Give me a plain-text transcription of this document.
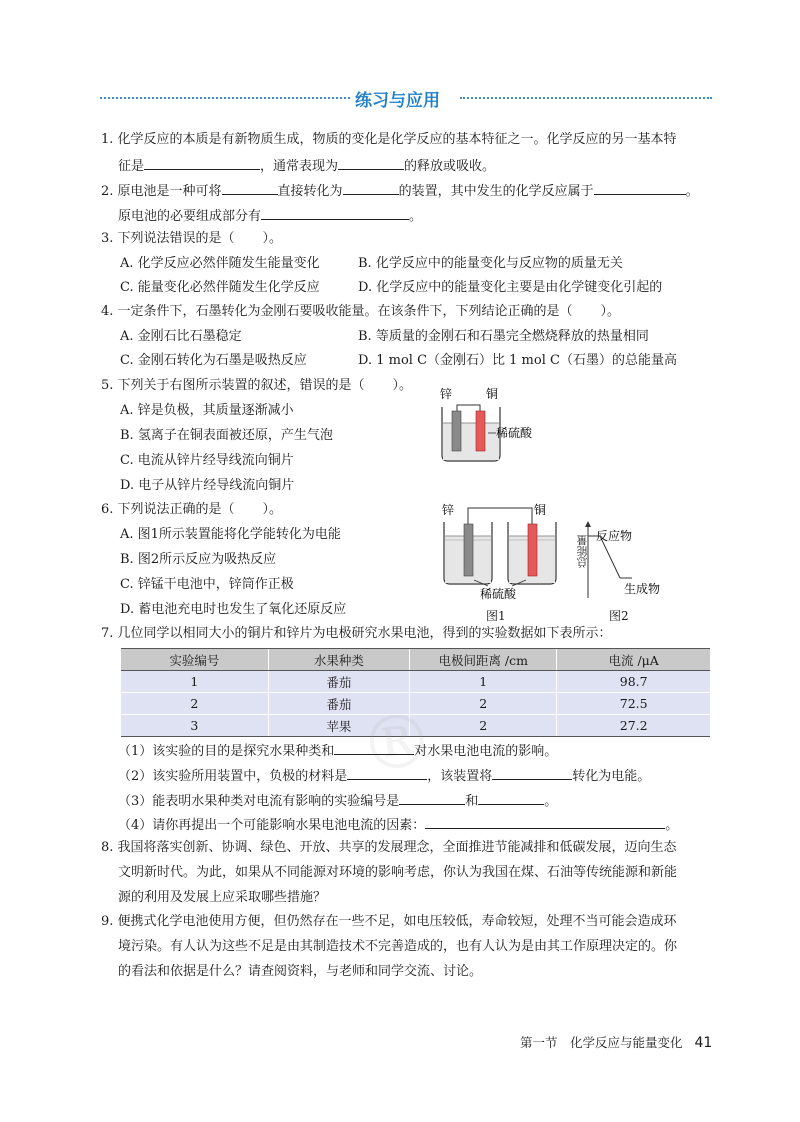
练习与应用
1. 化学反应的本质是有新物质生成，物质的变化是化学反应的基本特征之一。化学反应的另一基本特
征是	，通常表现为	的释放或吸收。
2. 原电池是一种可将	直接转化为	的装置，其中发生的化学反应属于	。
原电池的必要组成部分有	。
3. 下列说法错误的是（ ）。
A. 化学反应必然伴随发生能量变化	B. 化学反应中的能量变化与反应物的质量无关
C. 能量变化必然伴随发生化学反应	D. 化学反应中的能量变化主要是由化学键变化引起的
4. 一定条件下，石墨转化为金刚石要吸收能量。在该条件下，下列结论正确的是（ ）。
A. 金刚石比石墨稳定	B. 等质量的金刚石和石墨完全燃烧释放的热量相同
C. 金刚石转化为石墨是吸热反应	D. 1 mol C（金刚石）比 1 mol C（石墨）的总能量高
5. 下列关于右图所示装置的叙述，错误的是（ ）。
A. 锌是负极，其质量逐渐减小
B. 氢离子在铜表面被还原，产生气泡
C. 电流从锌片经导线流向铜片
D. 电子从锌片经导线流向铜片
锌	铜
稀硫酸
6. 下列说法正确的是（ ）。
A. 图1所示装置能将化学能转化为电能
B. 图2所示反应为吸热反应
C. 锌锰干电池中，锌筒作正极
D. 蓄电池充电时也发生了氧化还原反应
锌	铜
稀硫酸
图1
反应物
生成物
总能量
图2
7. 几位同学以相同大小的铜片和锌片为电极研究水果电池，得到的实验数据如下表所示：
实验编号	水果种类	电极间距离 /cm	电流 /μA
1	番茄	1	98.7
2	番茄	2	72.5
3	苹果	2	27.2
®
（1）该实验的目的是探究水果种类和	对水果电池电流的影响。
（2）该实验所用装置中，负极的材料是	，该装置将	转化为电能。
（3）能表明水果种类对电流有影响的实验编号是	和	。
（4）请你再提出一个可能影响水果电池电流的因素：	。
8. 我国将落实创新、协调、绿色、开放、共享的发展理念，全面推进节能减排和低碳发展，迈向生态
文明新时代。为此，如果从不同能源对环境的影响考虑，你认为我国在煤、石油等传统能源和新能
源的利用及发展上应采取哪些措施？
9. 便携式化学电池使用方便，但仍然存在一些不足，如电压较低，寿命较短，处理不当可能会造成环
境污染。有人认为这些不足是由其制造技术不完善造成的，也有人认为是由其工作原理决定的。你
的看法和依据是什么？请查阅资料，与老师和同学交流、讨论。
第一节　化学反应与能量变化 41
